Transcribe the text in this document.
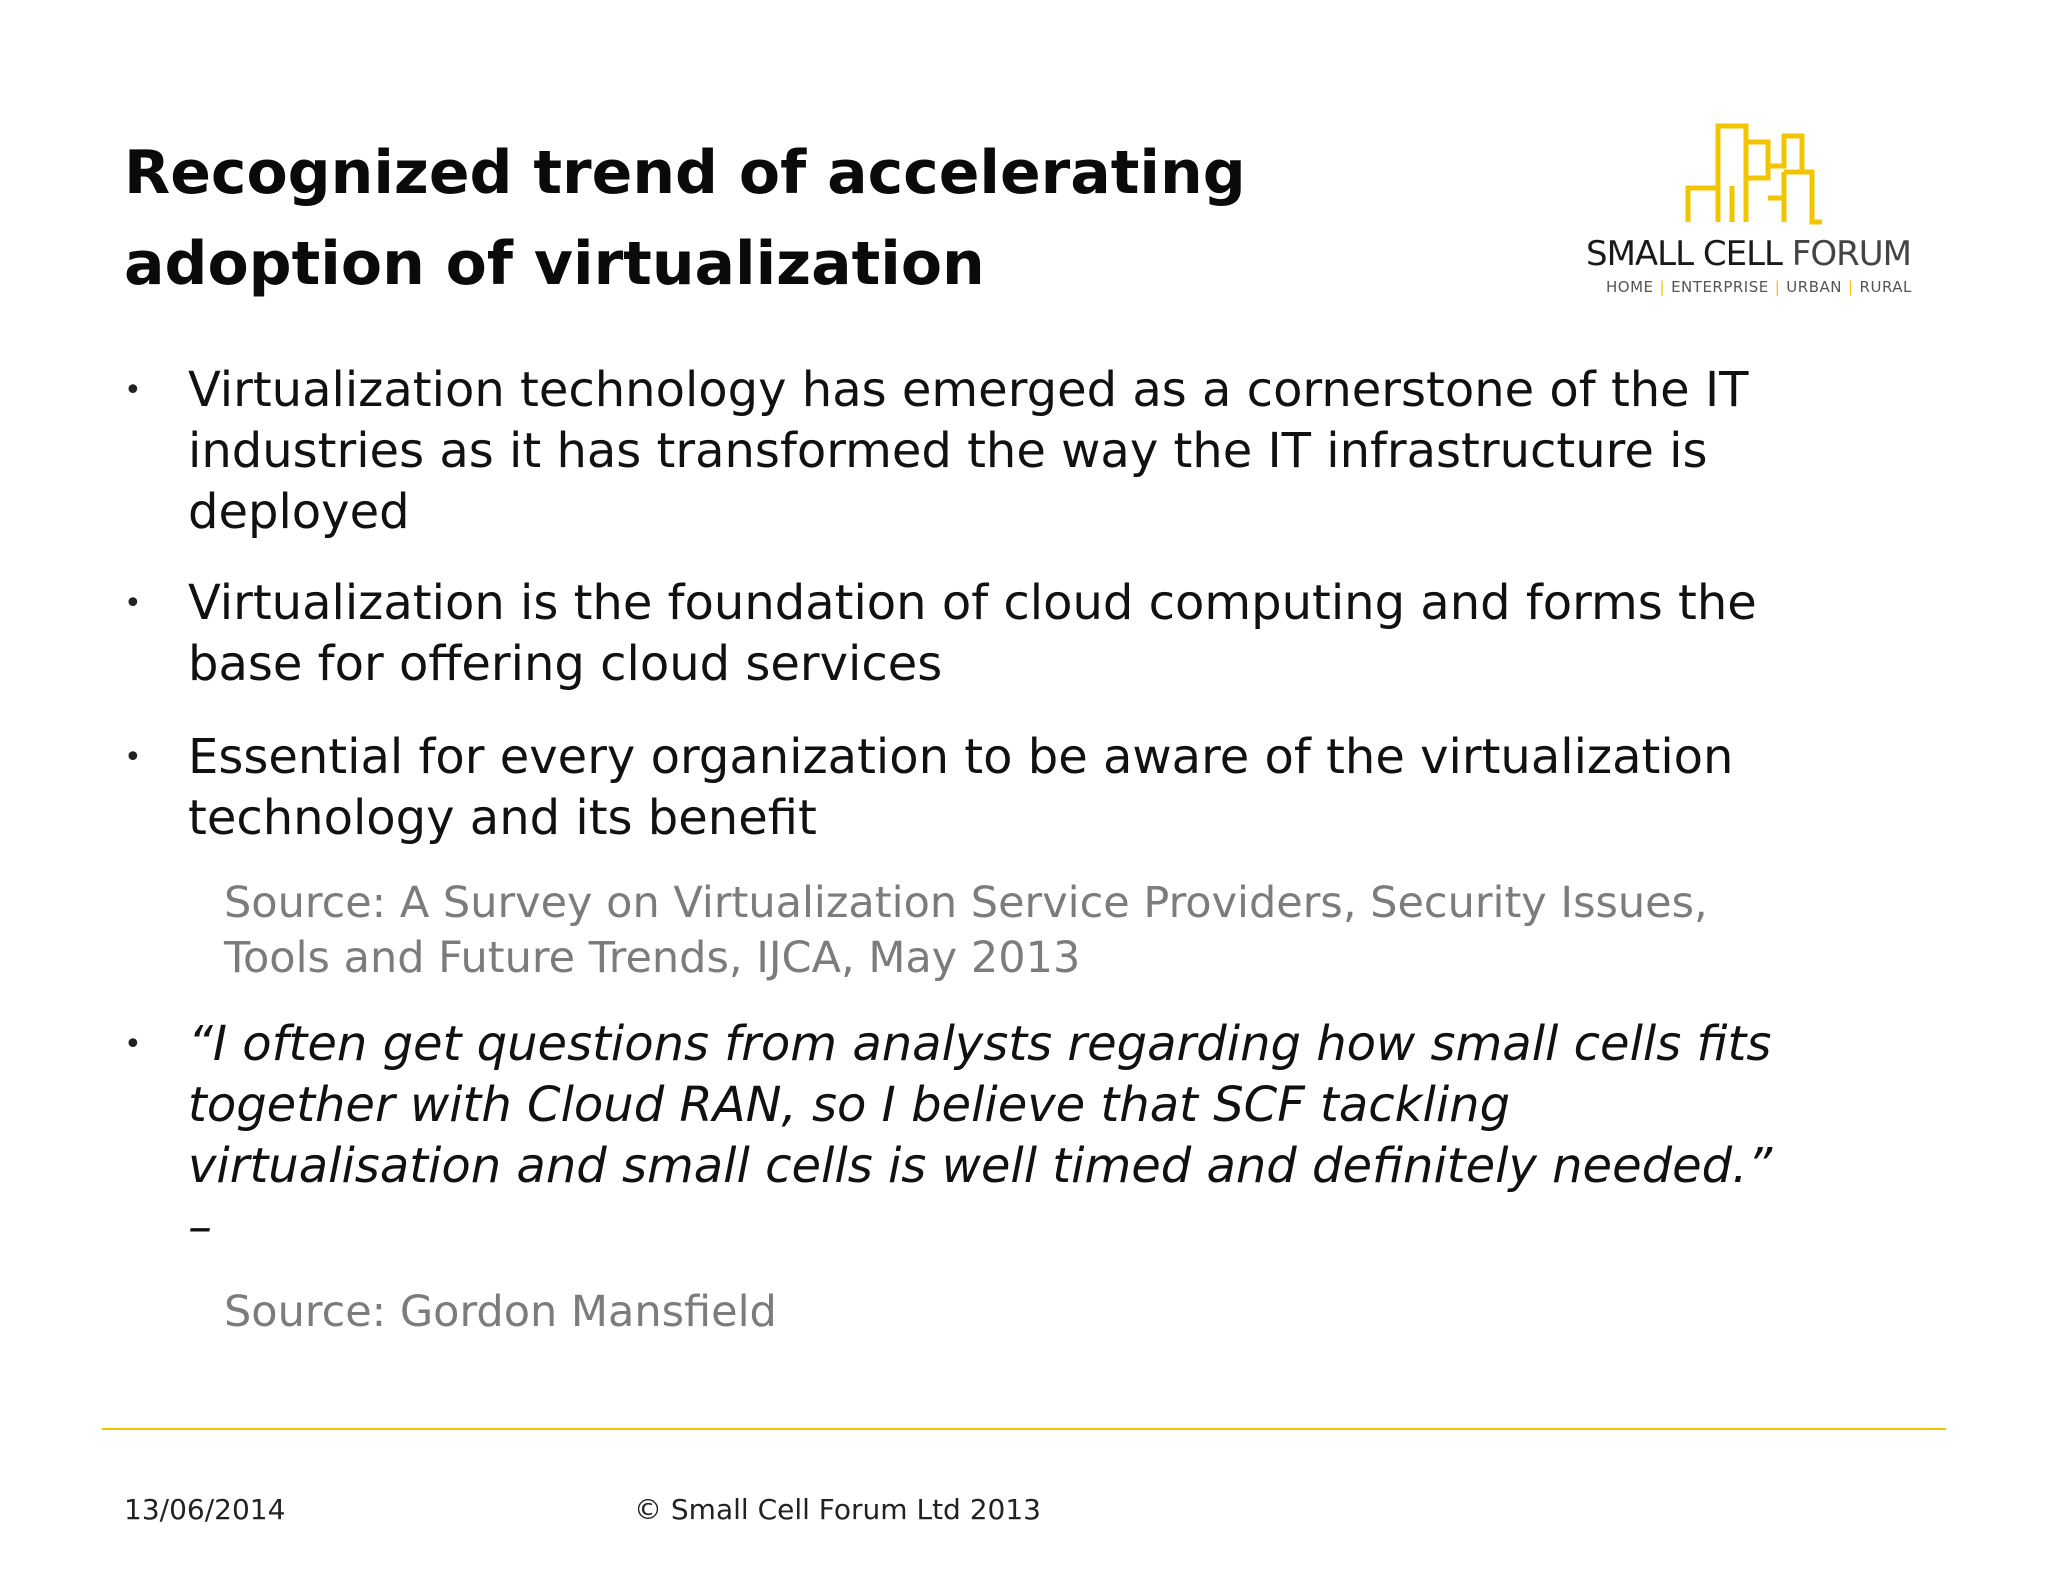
Recognized trend of accelerating
adoption of virtualization	SMALL CELL FORUM
HOME | ENTERPRISE | URBAN | RURAL
• Virtualization technology has emerged as a cornerstone of the IT
industries as it has transformed the way the IT infrastructure is
deployed

• Virtualization is the foundation of cloud computing and forms the
base for offering cloud services

• Essential for every organization to be aware of the virtualization
technology and its benefit

Source: A Survey on Virtualization Service Providers, Security Issues,
Tools and Future Trends, IJCA, May 2013

• “I often get questions from analysts regarding how small cells fits
together with Cloud RAN, so I believe that SCF tackling
virtualisation and small cells is well timed and definitely needed.”
–

Source: Gordon Mansfield

13/06/2014	© Small Cell Forum Ltd 2013
